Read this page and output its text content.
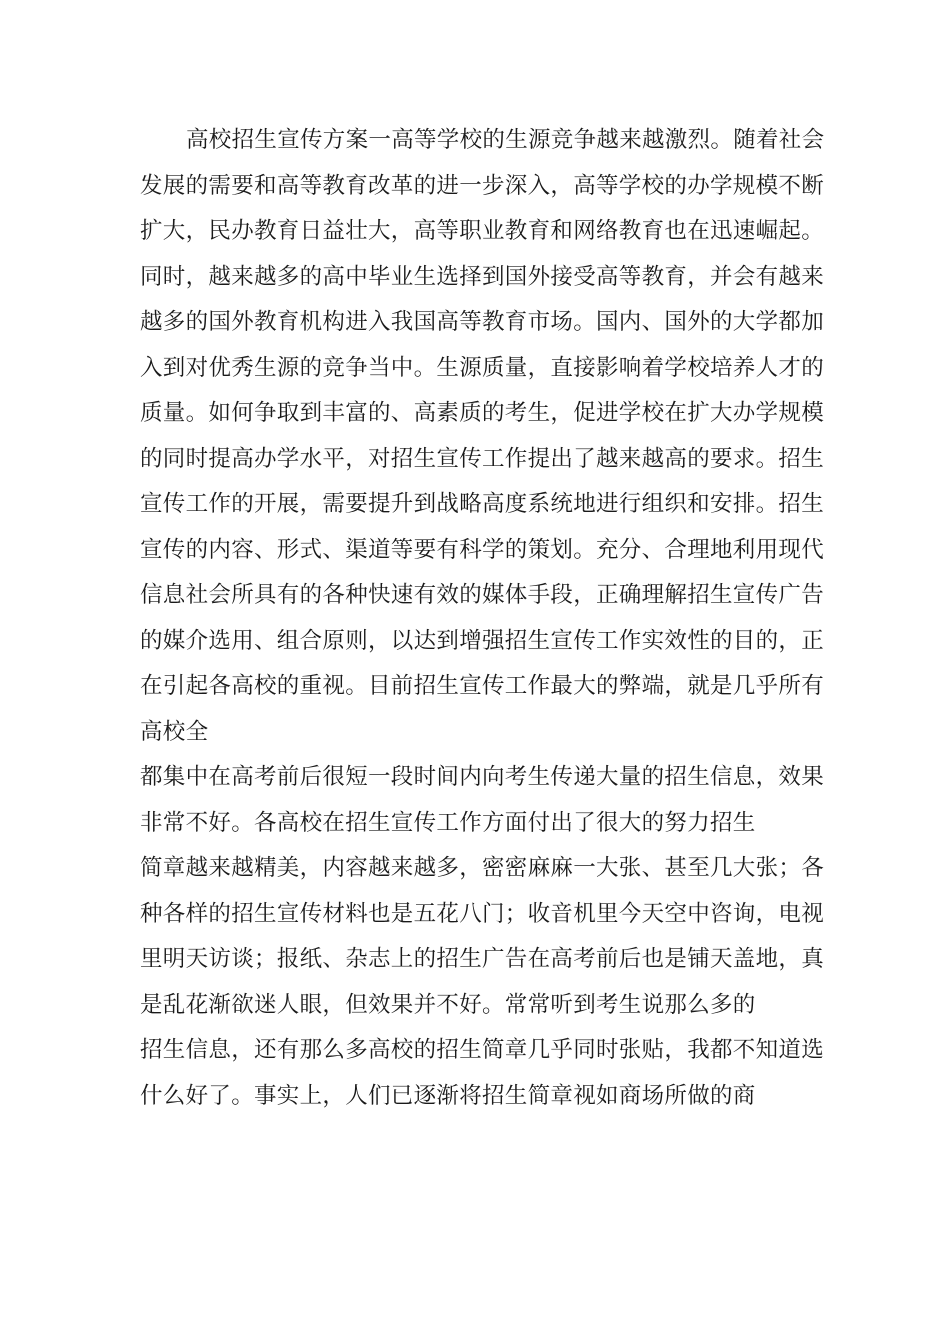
高校招生宣传方案一高等学校的生源竞争越来越激烈。随着社会
发展的需要和高等教育改革的进一步深入，高等学校的办学规模不断
扩大，民办教育日益壮大，高等职业教育和网络教育也在迅速崛起。
同时，越来越多的高中毕业生选择到国外接受高等教育，并会有越来
越多的国外教育机构进入我国高等教育市场。国内、国外的大学都加
入到对优秀生源的竞争当中。生源质量，直接影响着学校培养人才的
质量。如何争取到丰富的、高素质的考生，促进学校在扩大办学规模
的同时提高办学水平，对招生宣传工作提出了越来越高的要求。招生
宣传工作的开展，需要提升到战略高度系统地进行组织和安排。招生
宣传的内容、形式、渠道等要有科学的策划。充分、合理地利用现代
信息社会所具有的各种快速有效的媒体手段，正确理解招生宣传广告
的媒介选用、组合原则，以达到增强招生宣传工作实效性的目的，正
在引起各高校的重视。目前招生宣传工作最大的弊端，就是几乎所有
高校全
都集中在高考前后很短一段时间内向考生传递大量的招生信息，效果
非常不好。各高校在招生宣传工作方面付出了很大的努力招生
简章越来越精美，内容越来越多，密密麻麻一大张、甚至几大张；各
种各样的招生宣传材料也是五花八门；收音机里今天空中咨询，电视
里明天访谈；报纸、杂志上的招生广告在高考前后也是铺天盖地，真
是乱花渐欲迷人眼，但效果并不好。常常听到考生说那么多的
招生信息，还有那么多高校的招生简章几乎同时张贴，我都不知道选
什么好了。事实上，人们已逐渐将招生简章视如商场所做的商
